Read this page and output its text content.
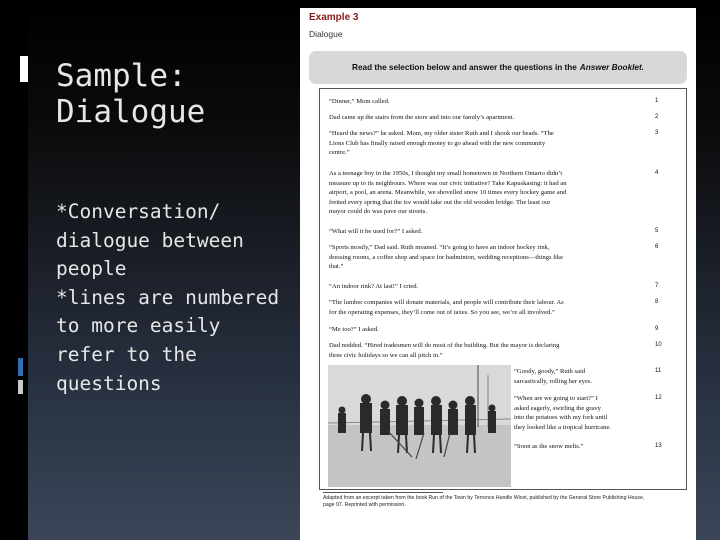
Sample:
Dialogue
*Conversation/
dialogue between
people
*lines are numbered
to more easily
refer to the
questions
Example 3
Dialogue
Read the selection below and answer the questions in the Answer Booklet.
“Dinner,” Mom called.	1
Dad came up the stairs from the store and into our family’s apartment.	2
“Heard the news?” he asked. Mom, my older sister Ruth and I shook our heads. “The
Lions Club has finally raised enough money to go ahead with the new community
centre.”
3
As a teenage boy in the 1950s, I thought my small hometown in Northern Ontario didn’t
measure up to its neighbours. Where was our civic initiative? Take Kapuskasing: it had an
airport, a pool, an arena. Meanwhile, we shovelled snow 10 times every hockey game and
fretted every spring that the ice would take out the old wooden bridge. The least our
mayor could do was pave our streets.
4
“What will it be used for?” I asked.	5
“Sports mostly,” Dad said. Ruth moaned. “It’s going to have an indoor hockey rink,
dressing rooms, a coffee shop and space for badminton, wedding receptions—things like
that.”
6
“An indoor rink? At last!” I cried.	7
“The lumber companies will donate materials, and people will contribute their labour. As
for the operating expenses, they’ll come out of taxes. So you see, we’re all involved.”
8
“Me too?” I asked.	9
Dad nodded. “Hired tradesmen will do most of the building. But the mayor is declaring
three civic holidays so we can all pitch in.”
10
“Goody, goody,” Ruth said
sarcastically, rolling her eyes.
11
“When are we going to start?” I
asked eagerly, swirling the gravy
into the potatoes with my fork until
they looked like a tropical hurricane.
12
“Soon as the snow melts.”	13
Adapted from an excerpt taken from the book Run of the Town by Terrence Hundle Wicet, published by the General Store Publishing House,
page 97. Reprinted with permission.
